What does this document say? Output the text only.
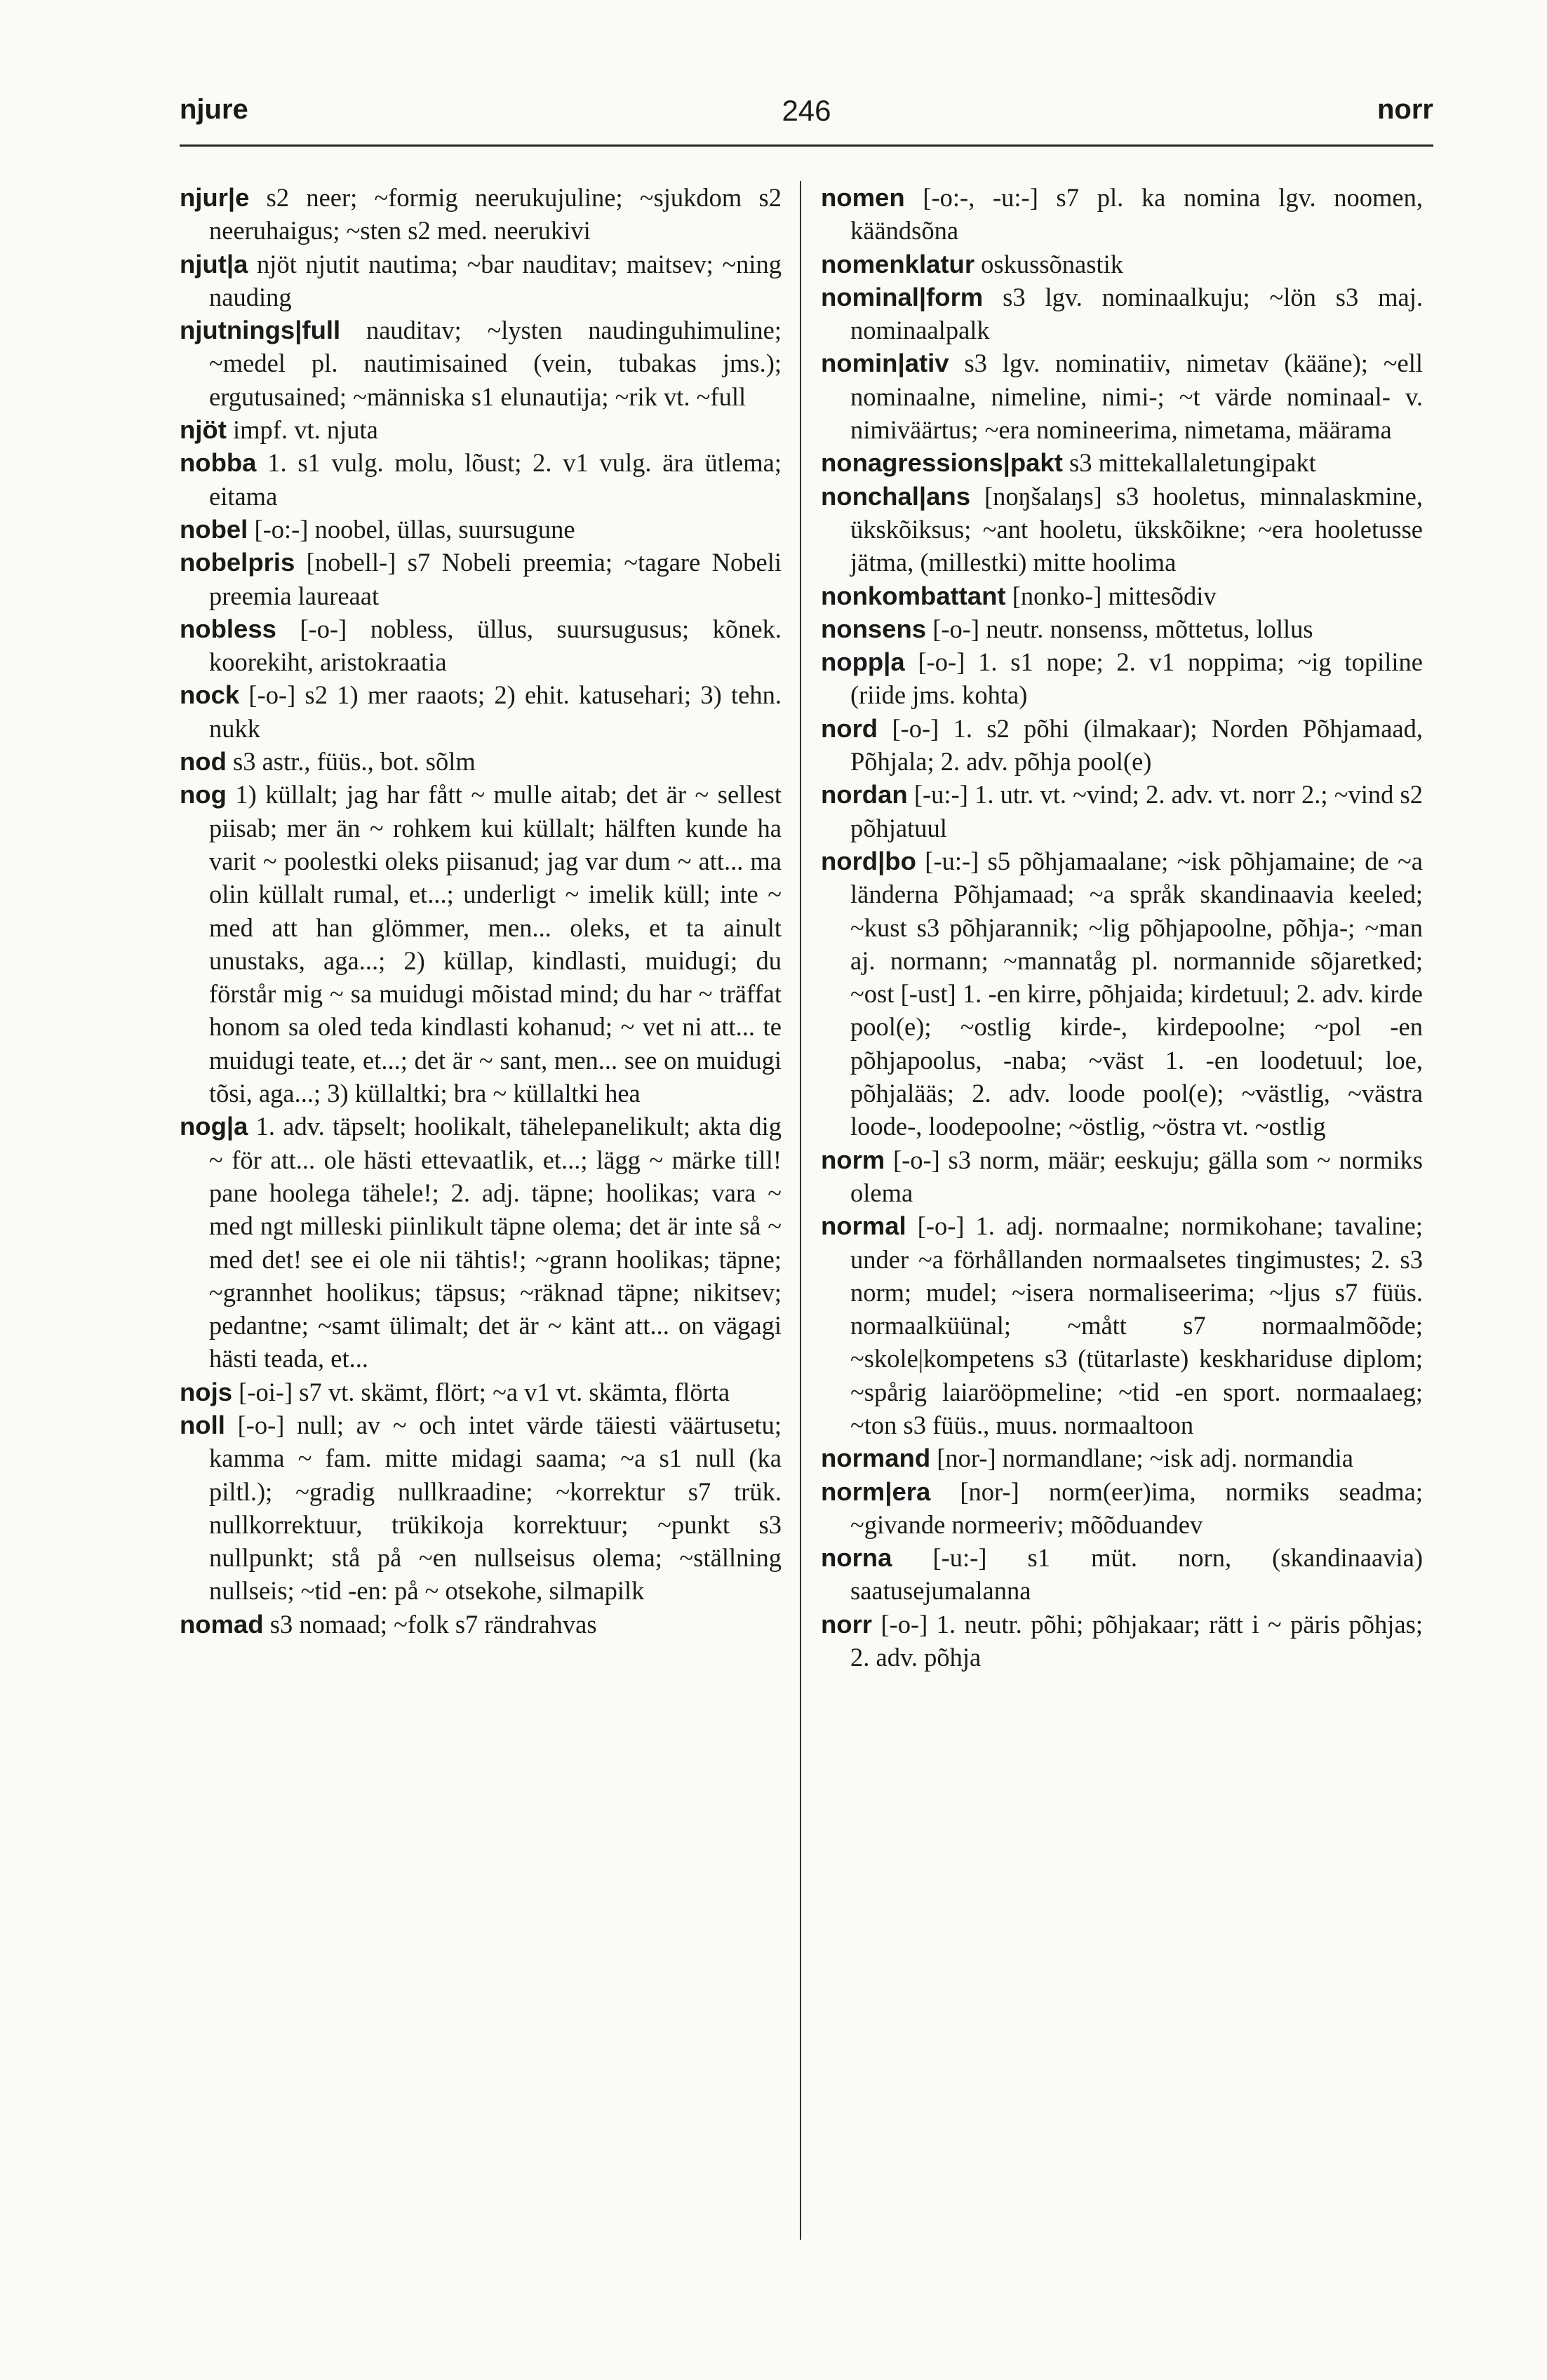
njure	246	norr

njur|e s2 neer; ~formig neerukujuline; ~sjukdom s2 neeruhaigus; ~sten s2 med. neerukivi

njut|a njöt njutit nautima; ~bar nauditav; maitsev; ~ning nauding

njutnings|full nauditav; ~lysten naudinguhimuline; ~medel pl. nautimisained (vein, tubakas jms.); ergutusained; ~människa s1 elunautija; ~rik vt. ~full

njöt impf. vt. njuta

nobba 1. s1 vulg. molu, lõust; 2. v1 vulg. ära ütlema; eitama

nobel [-o:-] noobel, üllas, suursugune

nobelpris [nobell-] s7 Nobeli preemia; ~tagare Nobeli preemia laureaat

nobless [-o-] nobless, üllus, suursugusus; kõnek. koorekiht, aristokraatia

nock [-o-] s2 1) mer raaots; 2) ehit. katusehari; 3) tehn. nukk

nod s3 astr., füüs., bot. sõlm

nog 1) küllalt; jag har fått ~ mulle aitab; det är ~ sellest piisab; mer än ~ rohkem kui küllalt; hälften kunde ha varit ~ poolestki oleks piisanud; jag var dum ~ att... ma olin küllalt rumal, et...; underligt ~ imelik küll; inte ~ med att han glömmer, men... oleks, et ta ainult unustaks, aga...; 2) küllap, kindlasti, muidugi; du förstår mig ~ sa muidugi mõistad mind; du har ~ träffat honom sa oled teda kindlasti kohanud; ~ vet ni att... te muidugi teate, et...; det är ~ sant, men... see on muidugi tõsi, aga...; 3) küllaltki; bra ~ küllaltki hea

nog|a 1. adv. täpselt; hoolikalt, tähelepanelikult; akta dig ~ för att... ole hästi ettevaatlik, et...; lägg ~ märke till! pane hoolega tähele!; 2. adj. täpne; hoolikas; vara ~ med ngt milleski piinlikult täpne olema; det är inte så ~ med det! see ei ole nii tähtis!; ~grann hoolikas; täpne; ~grannhet hoolikus; täpsus; ~räknad täpne; nikitsev; pedantne; ~samt ülimalt; det är ~ känt att... on vägagi hästi teada, et...

nojs [-oi-] s7 vt. skämt, flört; ~a v1 vt. skämta, flörta

noll [-o-] null; av ~ och intet värde täiesti väärtusetu; kamma ~ fam. mitte midagi saama; ~a s1 null (ka piltl.); ~gradig nullkraadine; ~korrektur s7 trük. nullkorrektuur, trükikoja korrektuur; ~punkt s3 nullpunkt; stå på ~en nullseisus olema; ~ställning nullseis; ~tid -en: på ~ otsekohe, silmapilk

nomad s3 nomaad; ~folk s7 rändrahvas

nomen [-o:-, -u:-] s7 pl. ka nomina lgv. noomen, käändsõna

nomenklatur oskussõnastik

nominal|form s3 lgv. nominaalkuju; ~lön s3 maj. nominaalpalk

nomin|ativ s3 lgv. nominatiiv, nimetav (kääne); ~ell nominaalne, nimeline, nimi-; ~t värde nominaal- v. nimiväärtus; ~era nomineerima, nimetama, määrama

nonagressions|pakt s3 mittekallaletungipakt

nonchal|ans [noŋšalaŋs] s3 hooletus, minnalaskmine, ükskõiksus; ~ant hooletu, ükskõikne; ~era hooletusse jätma, (millestki) mitte hoolima

nonkombattant [nonko-] mittesõdiv

nonsens [-o-] neutr. nonsenss, mõttetus, lollus

nopp|a [-o-] 1. s1 nope; 2. v1 noppima; ~ig topiline (riide jms. kohta)

nord [-o-] 1. s2 põhi (ilmakaar); Norden Põhjamaad, Põhjala; 2. adv. põhja pool(e)

nordan [-u:-] 1. utr. vt. ~vind; 2. adv. vt. norr 2.; ~vind s2 põhjatuul

nord|bo [-u:-] s5 põhjamaalane; ~isk põhjamaine; de ~a länderna Põhjamaad; ~a språk skandinaavia keeled; ~kust s3 põhjarannik; ~lig põhjapoolne, põhja-; ~man aj. normann; ~mannatåg pl. normannide sõjaretked; ~ost [-ust] 1. -en kirre, põhjaida; kirdetuul; 2. adv. kirde pool(e); ~ostlig kirde-, kirdepoolne; ~pol -en põhjapoolus, -naba; ~väst 1. -en loodetuul; loe, põhjalääs; 2. adv. loode pool(e); ~västlig, ~västra loode-, loodepoolne; ~östlig, ~östra vt. ~ostlig

norm [-o-] s3 norm, määr; eeskuju; gälla som ~ normiks olema

normal [-o-] 1. adj. normaalne; normikohane; tavaline; under ~a förhållanden normaalsetes tingimustes; 2. s3 norm; mudel; ~isera normaliseerima; ~ljus s7 füüs. normaalküünal; ~mått s7 normaalmõõde; ~skole|kompetens s3 (tütarlaste) keskhariduse diplom; ~spårig laiarööpmeline; ~tid -en sport. normaalaeg; ~ton s3 füüs., muus. normaaltoon

normand [nor-] normandlane; ~isk adj. normandia

norm|era [nor-] norm(eer)ima, normiks seadma; ~givande normeeriv; mõõduandev

norna [-u:-] s1 müt. norn, (skandinaavia) saatusejumalanna

norr [-o-] 1. neutr. põhi; põhjakaar; rätt i ~ päris põhjas; 2. adv. põhja
